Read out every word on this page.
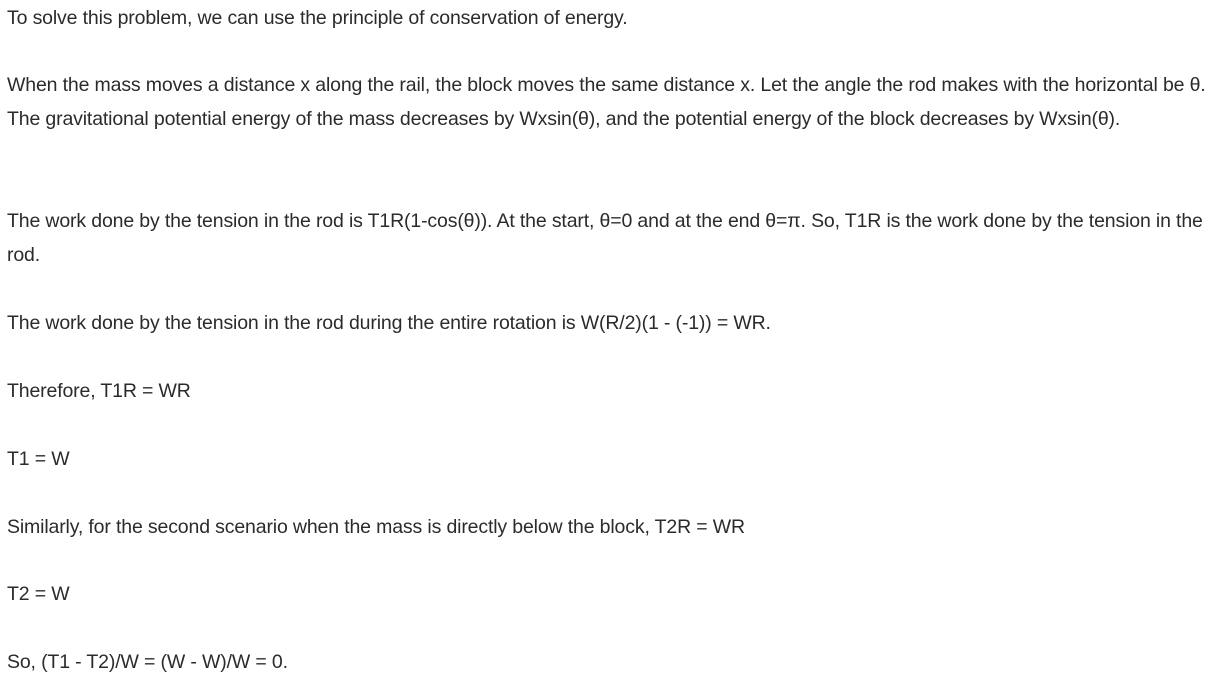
To solve this problem, we can use the principle of conservation of energy.

When the mass moves a distance x along the rail, the block moves the same distance x. Let the angle the rod makes with the horizontal be θ. The gravitational potential energy of the mass decreases by Wxsin(θ), and the potential energy of the block decreases by Wxsin(θ).

The work done by the tension in the rod is T1R(1-cos(θ)). At the start, θ=0 and at the end θ=π. So, T1R is the work done by the tension in the rod.

The work done by the tension in the rod during the entire rotation is W(R/2)(1 - (-1)) = WR.

Therefore, T1R = WR

T1 = W

Similarly, for the second scenario when the mass is directly below the block, T2R = WR

T2 = W

So, (T1 - T2)/W = (W - W)/W = 0.
